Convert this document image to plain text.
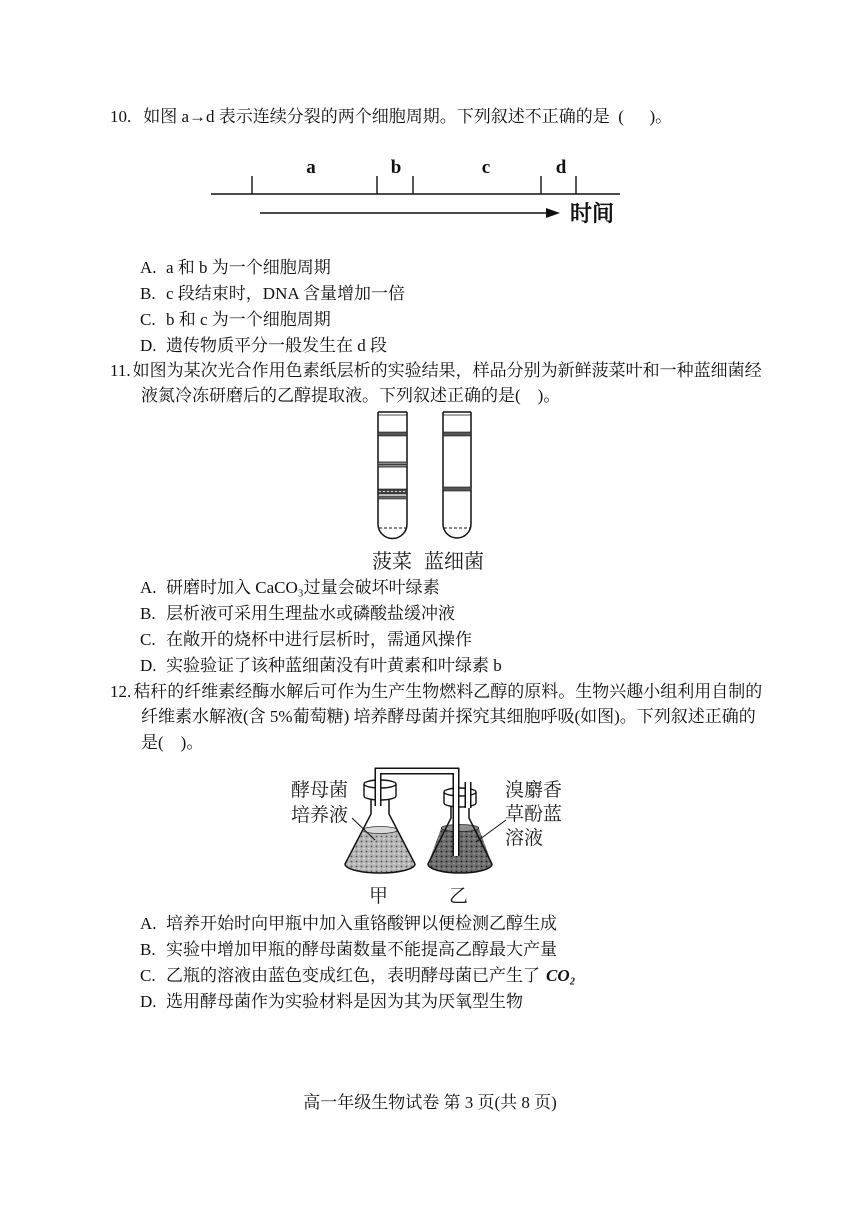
10. 如图 a→d 表示连续分裂的两个细胞周期。下列叙述不正确的是  (      )。
a	b	c	d
时间
A. a 和 b 为一个细胞周期
B. c 段结束时，DNA 含量增加一倍
C. b 和 c 为一个细胞周期
D. 遗传物质平分一般发生在 d 段
11. 如图为某次光合作用色素纸层析的实验结果，样品分别为新鲜菠菜叶和一种蓝细菌经
液氮冷冻研磨后的乙醇提取液。下列叙述正确的是(    )。
菠菜 蓝细菌
A. 研磨时加入 CaCO₃过量会破坏叶绿素
B. 层析液可采用生理盐水或磷酸盐缓冲液
C. 在敞开的烧杯中进行层析时，需通风操作
D. 实验验证了该种蓝细菌没有叶黄素和叶绿素 b
12. 秸秆的纤维素经酶水解后可作为生产生物燃料乙醇的原料。生物兴趣小组利用自制的
纤维素水解液(含 5%葡萄糖) 培养酵母菌并探究其细胞呼吸(如图)。下列叙述正确的
是(    )。
酵母菌
培养液
溴麝香
草酚蓝
溶液
甲	乙
A. 培养开始时向甲瓶中加入重铬酸钾以便检测乙醇生成
B. 实验中增加甲瓶的酵母菌数量不能提高乙醇最大产量
C. 乙瓶的溶液由蓝色变成红色，表明酵母菌已产生了 CO₂
D. 选用酵母菌作为实验材料是因为其为厌氧型生物
高一年级生物试卷 第 3 页(共 8 页)
